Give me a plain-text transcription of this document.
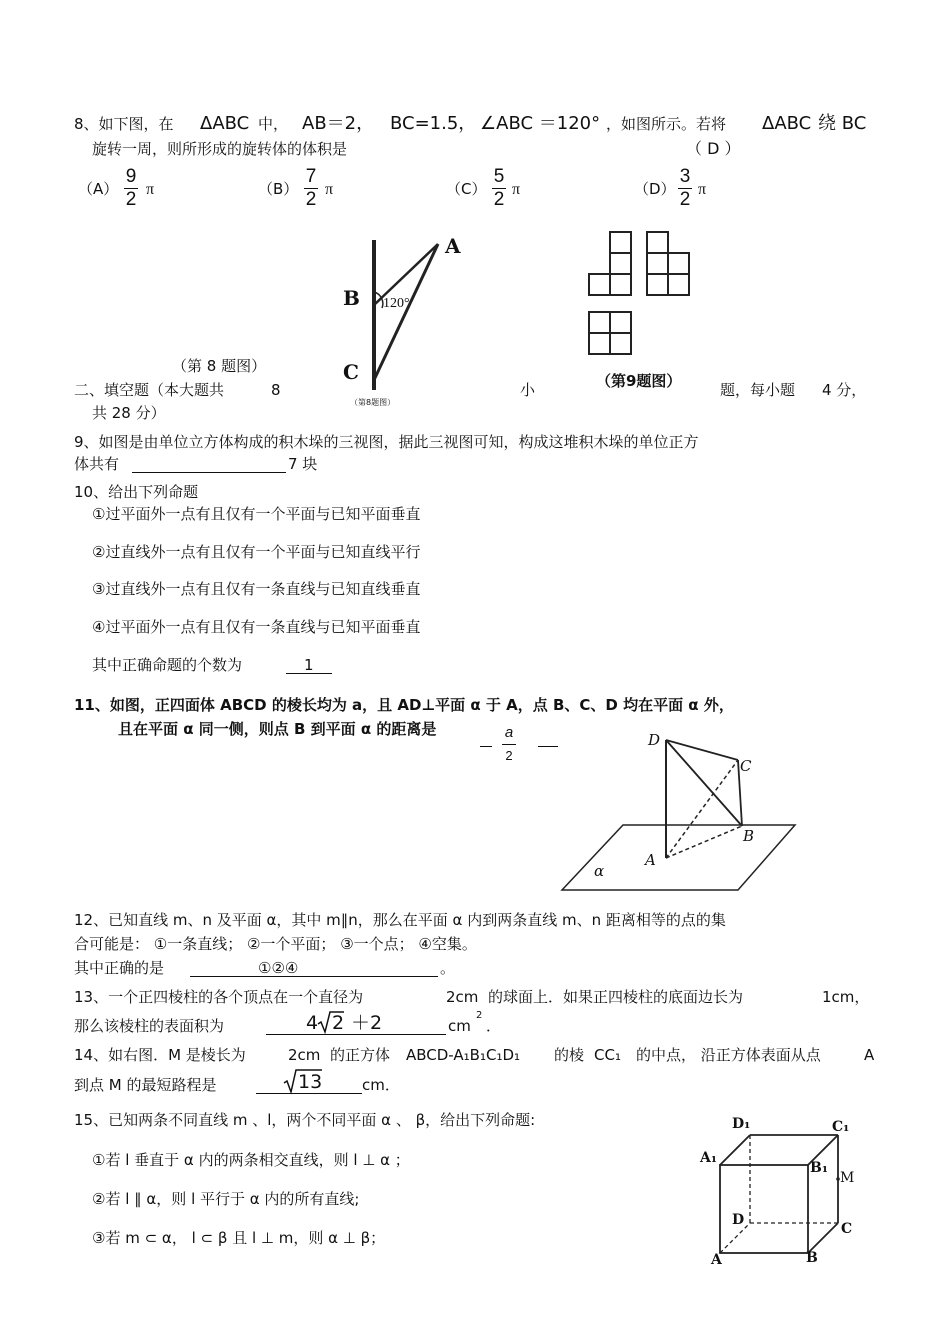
8、如下图，在 ΔABC 中， AB＝2， BC=1.5， ∠ABC ＝120° ，如图所示。若将 ΔABC 绕 BC
旋转一周，则所形成的旋转体的体积是	（ D ）
（A）
9
2 π	（B）
7
2 π	（C）
5
2 π	（D）
3
2 π
A
B
C
120°
（第8题图）
（第 8 题图）
（第9题图）
二、填空题（本大题共	8	小	题，每小题 4 分，
共 28 分）
9、如图是由单位立方体构成的积木垛的三视图，据此三视图可知，构成这堆积木垛的单位正方
体共有	7 块
10、给出下列命题
①过平面外一点有且仅有一个平面与已知平面垂直
②过直线外一点有且仅有一个平面与已知直线平行
③过直线外一点有且仅有一条直线与已知直线垂直
④过平面外一点有且仅有一条直线与已知平面垂直
其中正确命题的个数为	1
11、如图，正四面体 ABCD 的棱长均为 a，且 AD⊥平面 α 于 A，点 B、C、D 均在平面 α 外，
且在平面 α 同一侧，则点 B 到平面 α 的距离是	a
2
D
C
B
A
α
12、已知直线 m、n 及平面 α，其中 m∥n，那么在平面 α 内到两条直线 m、n 距离相等的点的集
合可能是： ①一条直线； ②一个平面； ③一个点； ④空集。
其中正确的是	①②④	。
13、一个正四棱柱的各个顶点在一个直径为	2cm 的球面上．如果正四棱柱的底面边长为	1cm，
那么该棱柱的表面积为	4 2 ＋2	cm
2
．
14、如右图．M 是棱长为	2cm 的正方体 ABCD-A₁B₁C₁D₁ 的棱 CC₁ 的中点， 沿正方体表面从点	A
到点 M 的最短路程是	13	cm．
15、已知两条不同直线 m 、l，两个不同平面 α 、 β，给出下列命题:
①若 l 垂直于 α 内的两条相交直线，则 l ⊥ α ；
②若 l ∥ α，则 l 平行于 α 内的所有直线;
③若 m ⊂ α， l ⊂ β 且 l ⊥ m，则 α ⊥ β；
D₁	C₁
A₁
B₁
M
D
C
A	B
